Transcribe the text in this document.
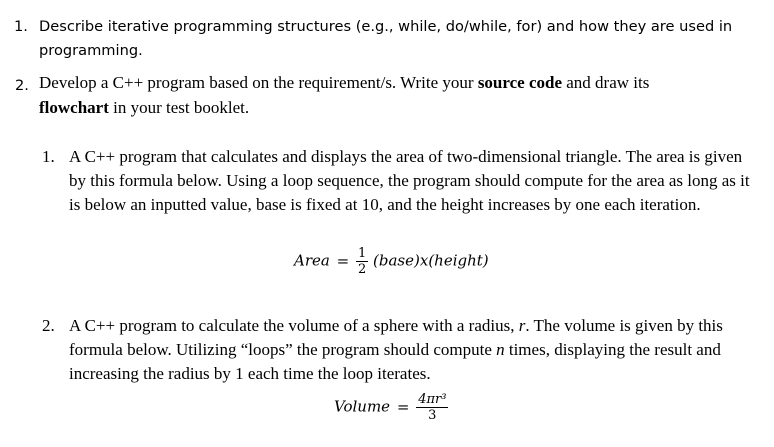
1. Describe iterative programming structures (e.g., while, do/while, for) and how they are used in programming.
2. Develop a C++ program based on the requirement/s. Write your source code and draw its
flowchart in your test booklet.
1. A C++ program that calculates and displays the area of two-dimensional triangle. The area is given by this formula below. Using a loop sequence, the program should compute for the area as long as it is below an inputted value, base is fixed at 10, and the height increases by one each iteration.
Area = $\frac{1}{2}$ (base)x(height)
2. A C++ program to calculate the volume of a sphere with a radius, r. The volume is given by this formula below. Utilizing “loops” the program should compute n times, displaying the result and increasing the radius by 1 each time the loop iterates.
Volume = $\frac{\text{4πr³}}{3}$
